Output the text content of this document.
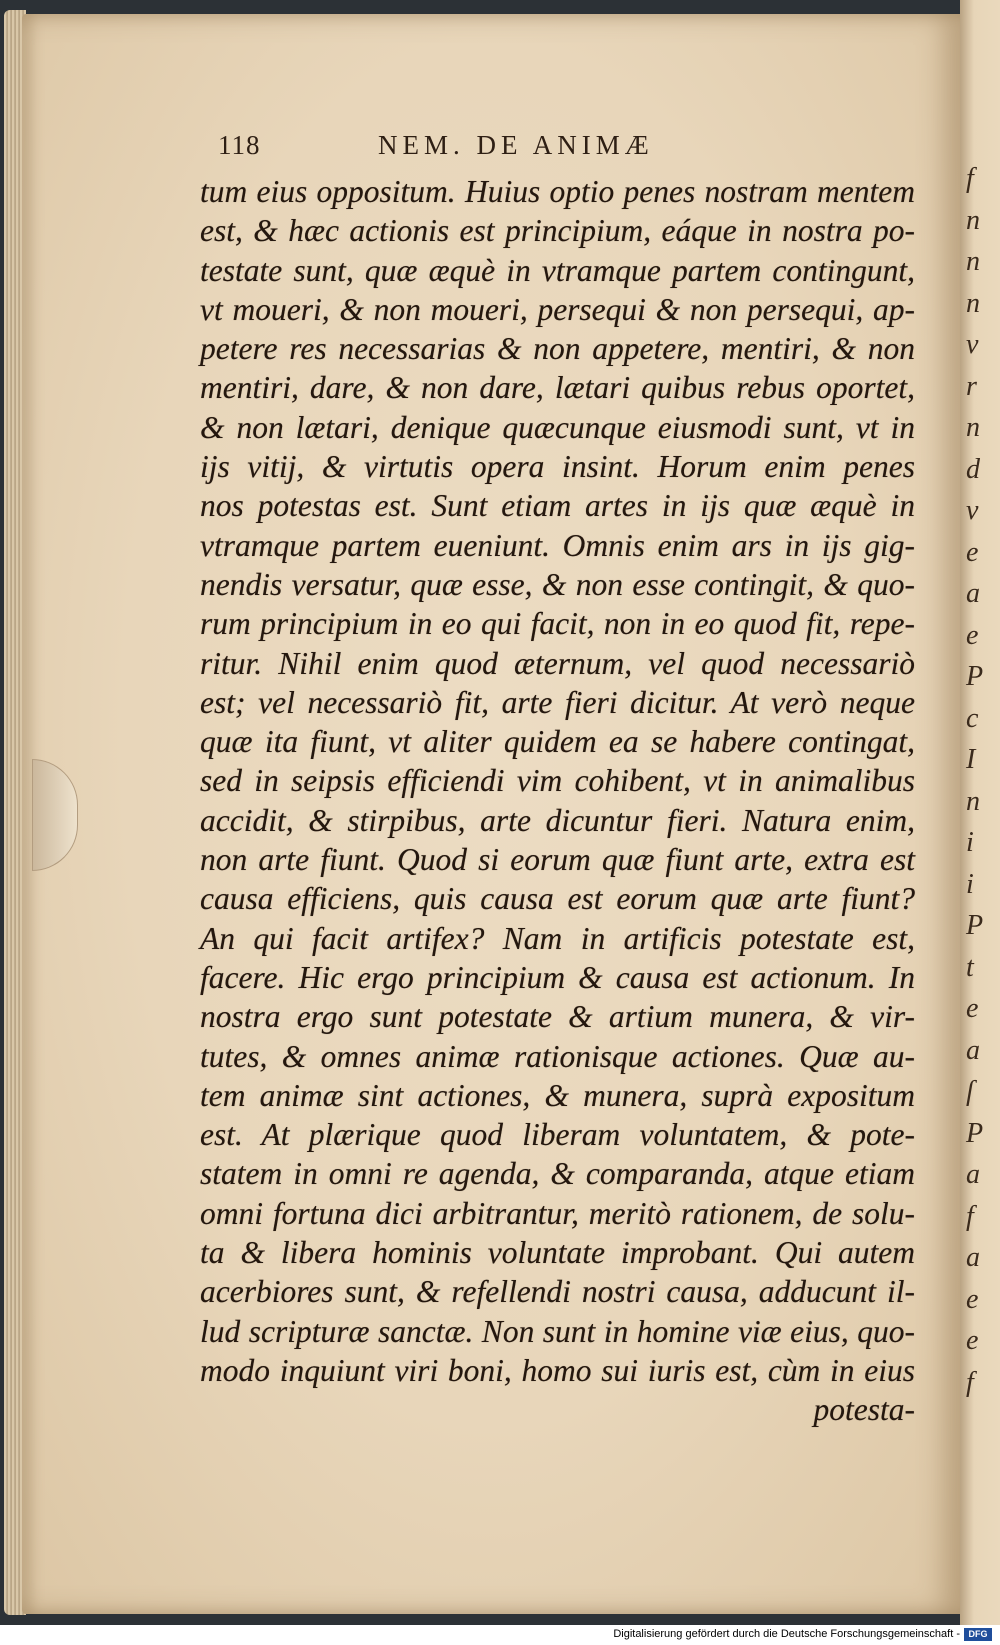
118	NEM. DE ANIMÆ
tum eius oppositum. Huius optio penes nostram mentem
est, & hæc actionis est principium, eáque in nostra po-
testate sunt, quæ æquè in vtramque partem contingunt,
vt moueri, & non moueri, persequi & non persequi, ap-
petere res necessarias & non appetere, mentiri, & non
mentiri, dare, & non dare, lætari quibus rebus oportet,
& non lætari, denique quæcunque eiusmodi sunt, vt in
ijs vitij, & virtutis opera insint. Horum enim penes
nos potestas est. Sunt etiam artes in ijs quæ æquè in
vtramque partem eueniunt. Omnis enim ars in ijs gig-
nendis versatur, quæ esse, & non esse contingit, & quo-
rum principium in eo qui facit, non in eo quod fit, repe-
ritur. Nihil enim quod æternum, vel quod necessariò
est; vel necessariò fit, arte fieri dicitur. At verò neque
quæ ita fiunt, vt aliter quidem ea se habere contingat,
sed in seipsis efficiendi vim cohibent, vt in animalibus
accidit, & stirpibus, arte dicuntur fieri. Natura enim,
non arte fiunt. Quod si eorum quæ fiunt arte, extra est
causa efficiens, quis causa est eorum quæ arte fiunt?
An qui facit artifex? Nam in artificis potestate est,
facere. Hic ergo principium & causa est actionum. In
nostra ergo sunt potestate & artium munera, & vir-
tutes, & omnes animæ rationisque actiones. Quæ au-
tem animæ sint actiones, & munera, suprà expositum
est. At plærique quod liberam voluntatem, & pote-
statem in omni re agenda, & comparanda, atque etiam
omni fortuna dici arbitrantur, meritò rationem, de solu-
ta & libera hominis voluntate improbant. Qui autem
acerbiores sunt, & refellendi nostri causa, adducunt il-
lud scripturæ sanctæ. Non sunt in homine viæ eius, quo-
modo inquiunt viri boni, homo sui iuris est, cùm in eius
potesta-
f
n
n
n
v
r
n
d
v
e
a
e
P
c
I
n
i
i
P
t
e
a
ſ
P
a
f
a
e
e
f
Digitalisierung gefördert durch die Deutsche Forschungsgemeinschaft - DFG
